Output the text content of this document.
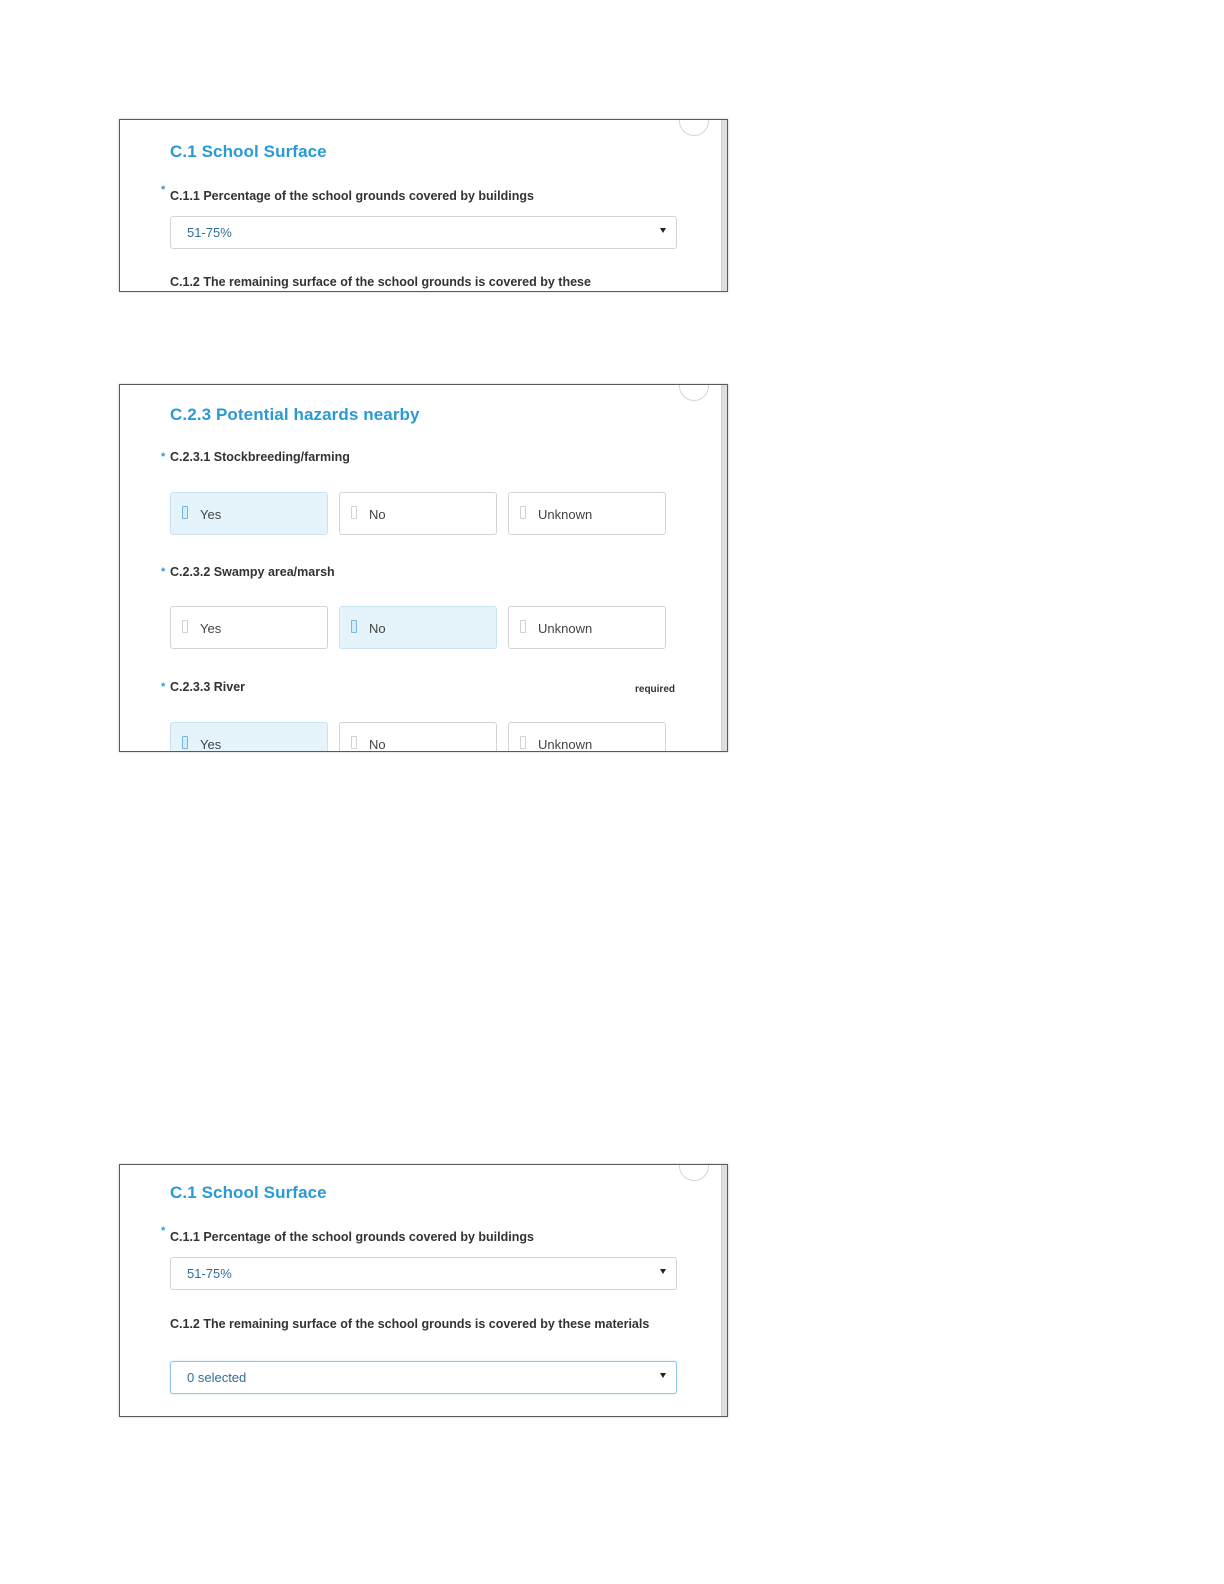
C.1 School Surface
* C.1.1 Percentage of the school grounds covered by buildings
51-75%
C.1.2 The remaining surface of the school grounds is covered by these
C.2.3 Potential hazards nearby
* C.2.3.1 Stockbreeding/farming
Yes	No	Unknown
* C.2.3.2 Swampy area/marsh
Yes	No	Unknown
* C.2.3.3 River	required
Yes	No	Unknown
C.1 School Surface
* C.1.1 Percentage of the school grounds covered by buildings
51-75%
C.1.2 The remaining surface of the school grounds is covered by these materials
0 selected
